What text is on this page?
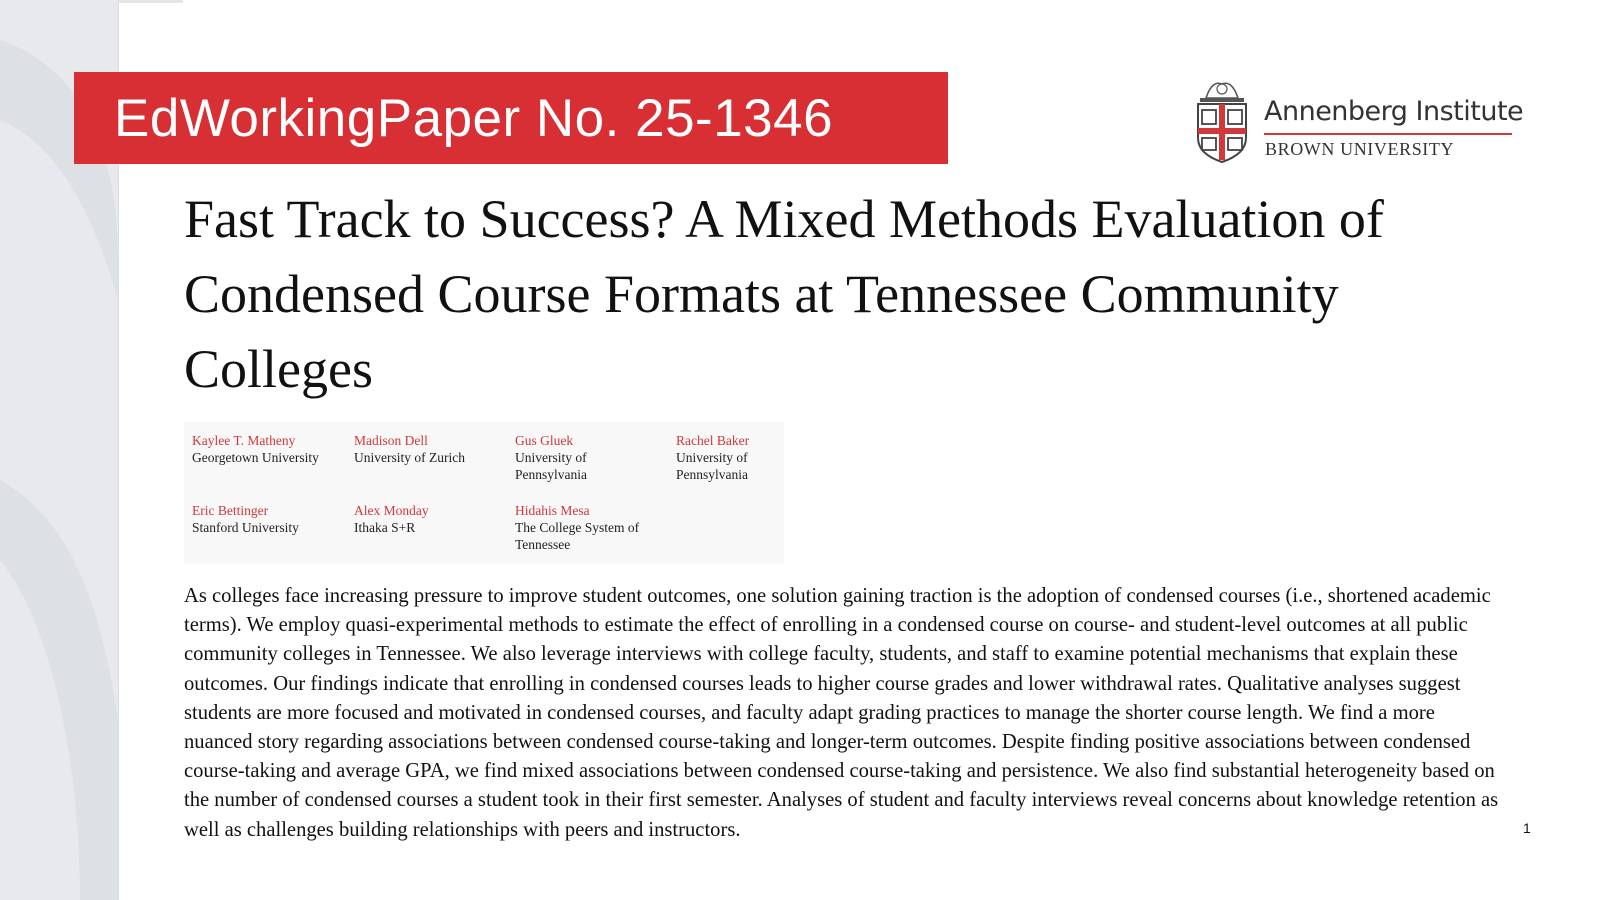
EdWorkingPaper No. 25-1346	Annenberg Institute
BROWN UNIVERSITY
Fast Track to Success? A Mixed Methods Evaluation of Condensed Course Formats at Tennessee Community Colleges
Kaylee T. Matheny
Georgetown University
Madison Dell
University of Zurich
Gus Gluek
University of Pennsylvania
Rachel Baker
University of Pennsylvania
Eric Bettinger
Stanford University
Alex Monday
Ithaka S+R
Hidahis Mesa
The College System of Tennessee

As colleges face increasing pressure to improve student outcomes, one solution gaining traction is the adoption of condensed courses (i.e., shortened academic terms). We employ quasi-experimental methods to estimate the effect of enrolling in a condensed course on course- and student-level outcomes at all public community colleges in Tennessee. We also leverage interviews with college faculty, students, and staff to examine potential mechanisms that explain these outcomes. Our findings indicate that enrolling in condensed courses leads to higher course grades and lower withdrawal rates. Qualitative analyses suggest students are more focused and motivated in condensed courses, and faculty adapt grading practices to manage the shorter course length. We find a more nuanced story regarding associations between condensed course-taking and longer-term outcomes. Despite finding positive associations between condensed course-taking and average GPA, we find mixed associations between condensed course-taking and persistence. We also find substantial heterogeneity based on the number of condensed courses a student took in their first semester. Analyses of student and faculty interviews reveal concerns about knowledge retention as well as challenges building relationships with peers and instructors.	1
